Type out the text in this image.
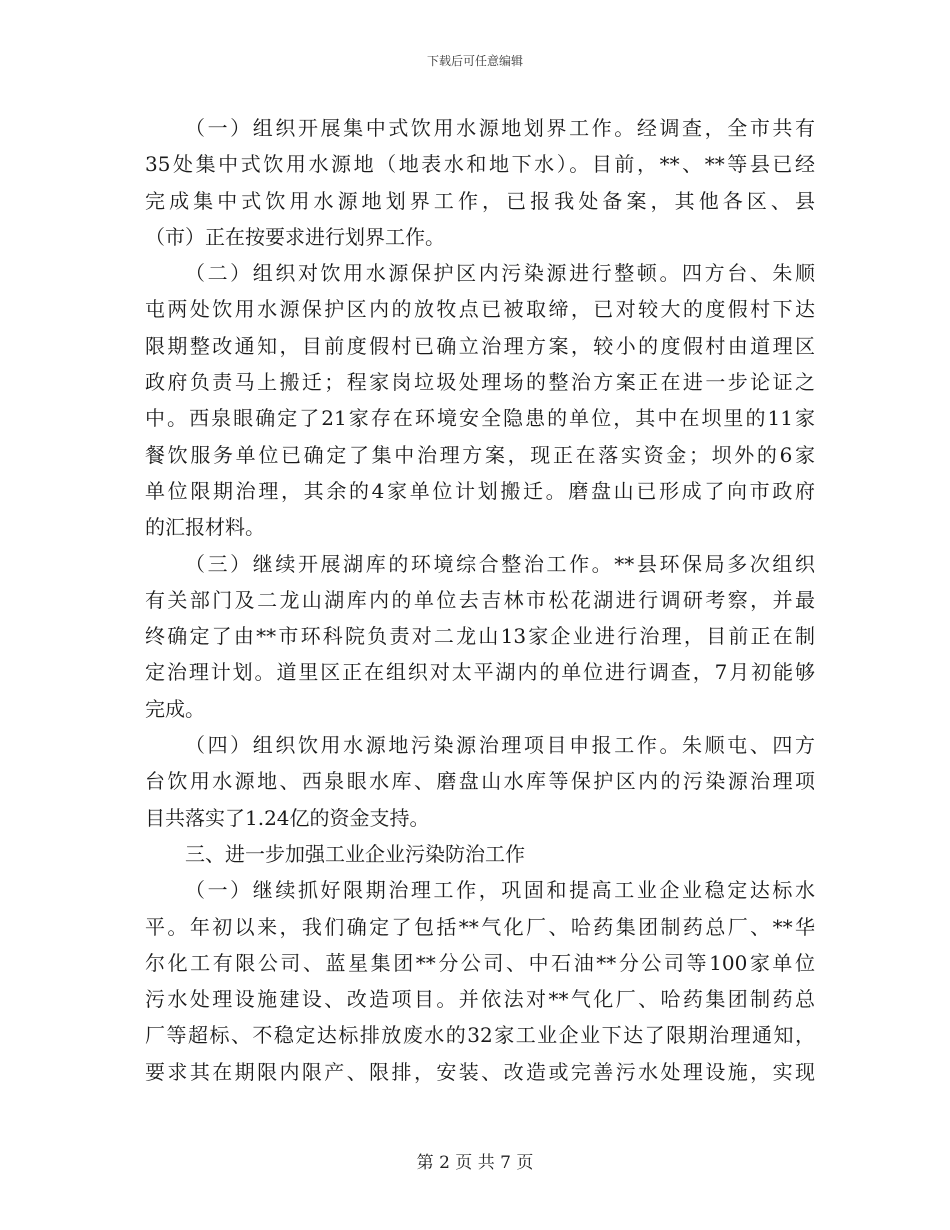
下载后可任意编辑
（一）组织开展集中式饮用水源地划界工作。经调查，全市共有
35处集中式饮用水源地（地表水和地下水）。目前，**、**等县已经
完成集中式饮用水源地划界工作，已报我处备案，其他各区、县
（市）正在按要求进行划界工作。
（二）组织对饮用水源保护区内污染源进行整顿。四方台、朱顺
屯两处饮用水源保护区内的放牧点已被取缔，已对较大的度假村下达
限期整改通知，目前度假村已确立治理方案，较小的度假村由道理区
政府负责马上搬迁；程家岗垃圾处理场的整治方案正在进一步论证之
中。西泉眼确定了21家存在环境安全隐患的单位，其中在坝里的11家
餐饮服务单位已确定了集中治理方案，现正在落实资金；坝外的6家
单位限期治理，其余的4家单位计划搬迁。磨盘山已形成了向市政府
的汇报材料。
（三）继续开展湖库的环境综合整治工作。**县环保局多次组织
有关部门及二龙山湖库内的单位去吉林市松花湖进行调研考察，并最
终确定了由**市环科院负责对二龙山13家企业进行治理，目前正在制
定治理计划。道里区正在组织对太平湖内的单位进行调查，7月初能够
完成。
（四）组织饮用水源地污染源治理项目申报工作。朱顺屯、四方
台饮用水源地、西泉眼水库、磨盘山水库等保护区内的污染源治理项
目共落实了1.24亿的资金支持。
三、进一步加强工业企业污染防治工作
（一）继续抓好限期治理工作，巩固和提高工业企业稳定达标水
平。年初以来，我们确定了包括**气化厂、哈药集团制药总厂、**华
尔化工有限公司、蓝星集团**分公司、中石油**分公司等100家单位
污水处理设施建设、改造项目。并依法对**气化厂、哈药集团制药总
厂等超标、不稳定达标排放废水的32家工业企业下达了限期治理通知，
要求其在期限内限产、限排，安装、改造或完善污水处理设施，实现
第 2 页 共 7 页
